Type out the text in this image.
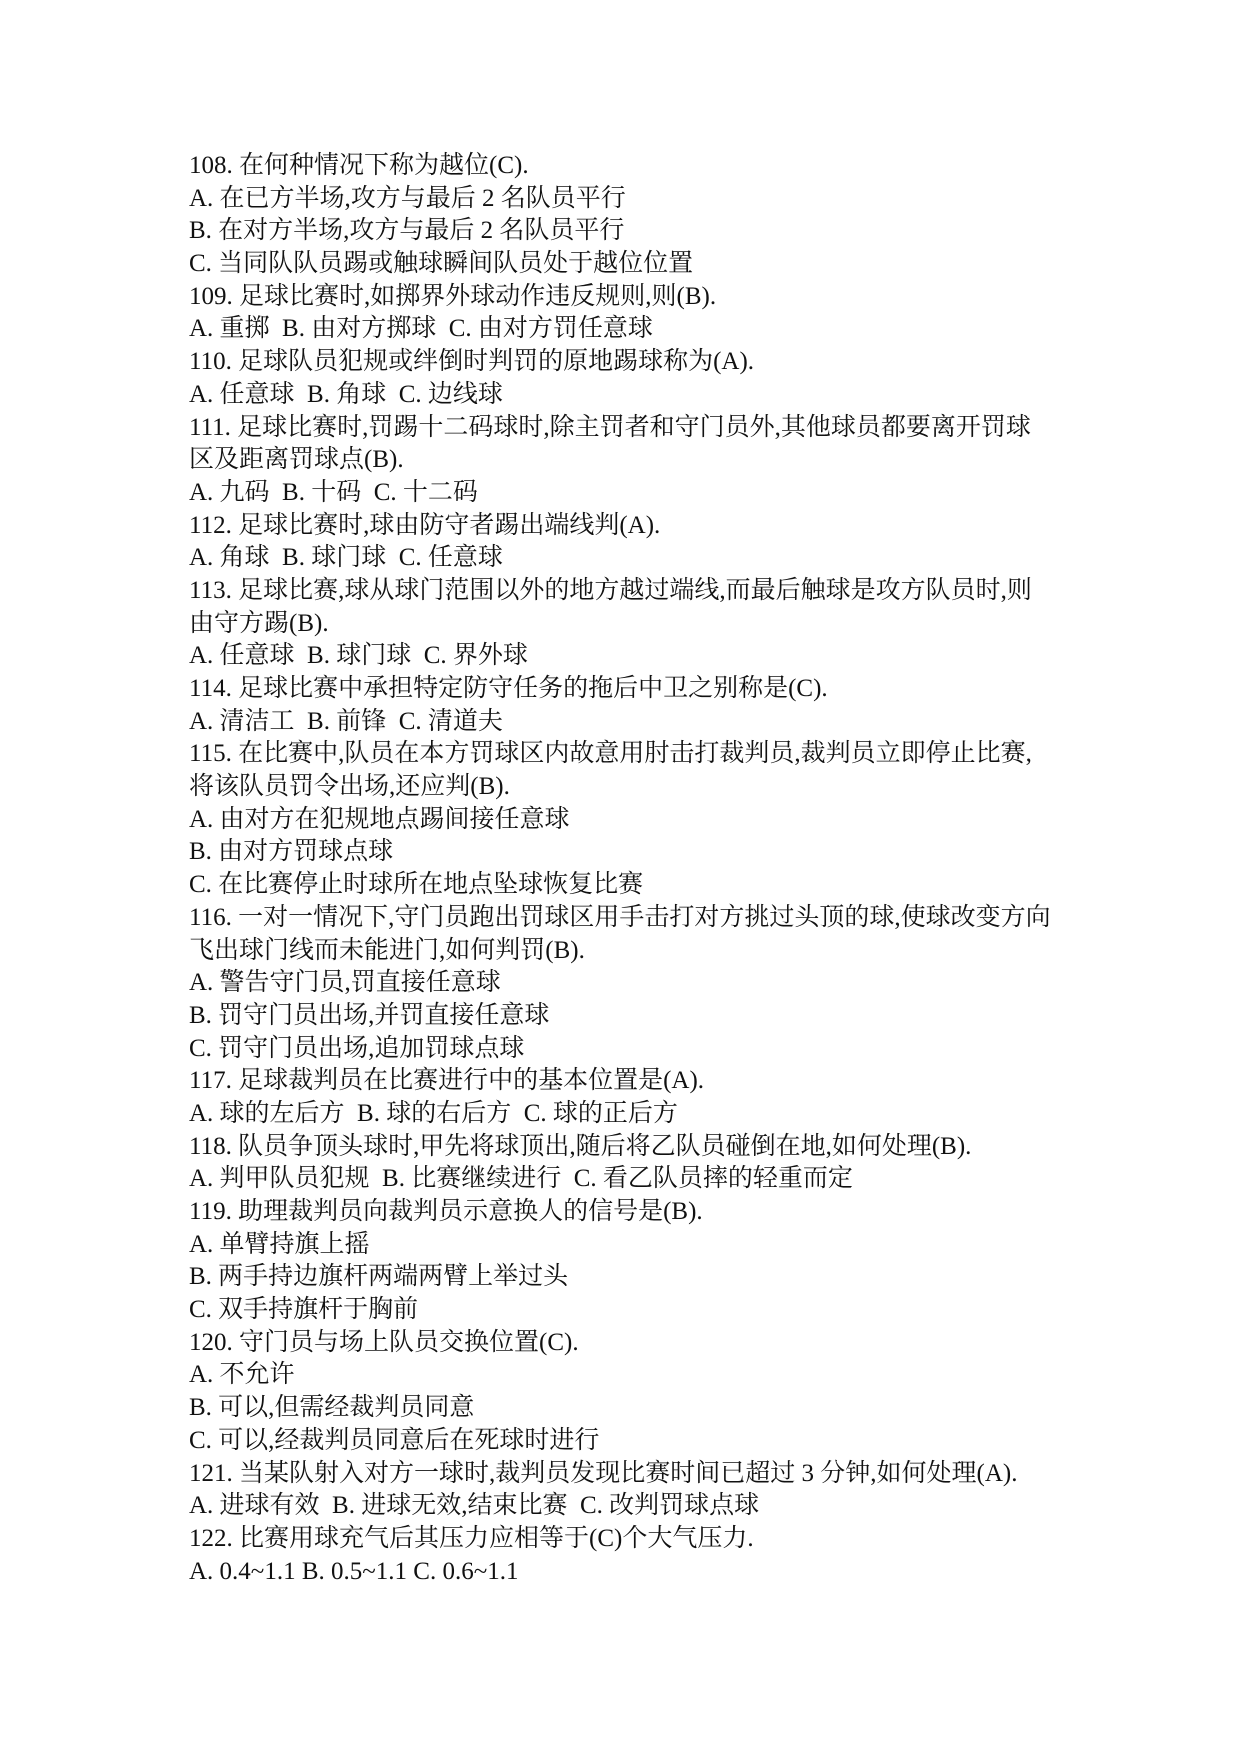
108. 在何种情况下称为越位(C).
A. 在已方半场,攻方与最后 2 名队员平行
B. 在对方半场,攻方与最后 2 名队员平行
C. 当同队队员踢或触球瞬间队员处于越位位置
109. 足球比赛时,如掷界外球动作违反规则,则(B).
A. 重掷  B. 由对方掷球  C. 由对方罚任意球
110. 足球队员犯规或绊倒时判罚的原地踢球称为(A).
A. 任意球  B. 角球  C. 边线球
111. 足球比赛时,罚踢十二码球时,除主罚者和守门员外,其他球员都要离开罚球
区及距离罚球点(B).
A. 九码  B. 十码  C. 十二码
112. 足球比赛时,球由防守者踢出端线判(A).
A. 角球  B. 球门球  C. 任意球
113. 足球比赛,球从球门范围以外的地方越过端线,而最后触球是攻方队员时,则
由守方踢(B).
A. 任意球  B. 球门球  C. 界外球
114. 足球比赛中承担特定防守任务的拖后中卫之别称是(C).
A. 清洁工  B. 前锋  C. 清道夫
115. 在比赛中,队员在本方罚球区内故意用肘击打裁判员,裁判员立即停止比赛,
将该队员罚令出场,还应判(B).
A. 由对方在犯规地点踢间接任意球
B. 由对方罚球点球
C. 在比赛停止时球所在地点坠球恢复比赛
116. 一对一情况下,守门员跑出罚球区用手击打对方挑过头顶的球,使球改变方向
飞出球门线而未能进门,如何判罚(B).
A. 警告守门员,罚直接任意球
B. 罚守门员出场,并罚直接任意球
C. 罚守门员出场,追加罚球点球
117. 足球裁判员在比赛进行中的基本位置是(A).
A. 球的左后方  B. 球的右后方  C. 球的正后方
118. 队员争顶头球时,甲先将球顶出,随后将乙队员碰倒在地,如何处理(B).
A. 判甲队员犯规  B. 比赛继续进行  C. 看乙队员摔的轻重而定
119. 助理裁判员向裁判员示意换人的信号是(B).
A. 单臂持旗上摇
B. 两手持边旗杆两端两臂上举过头
C. 双手持旗杆于胸前
120. 守门员与场上队员交换位置(C).
A. 不允许
B. 可以,但需经裁判员同意
C. 可以,经裁判员同意后在死球时进行
121. 当某队射入对方一球时,裁判员发现比赛时间已超过 3 分钟,如何处理(A).
A. 进球有效  B. 进球无效,结束比赛  C. 改判罚球点球
122. 比赛用球充气后其压力应相等于(C)个大气压力.
A. 0.4~1.1 B. 0.5~1.1 C. 0.6~1.1
